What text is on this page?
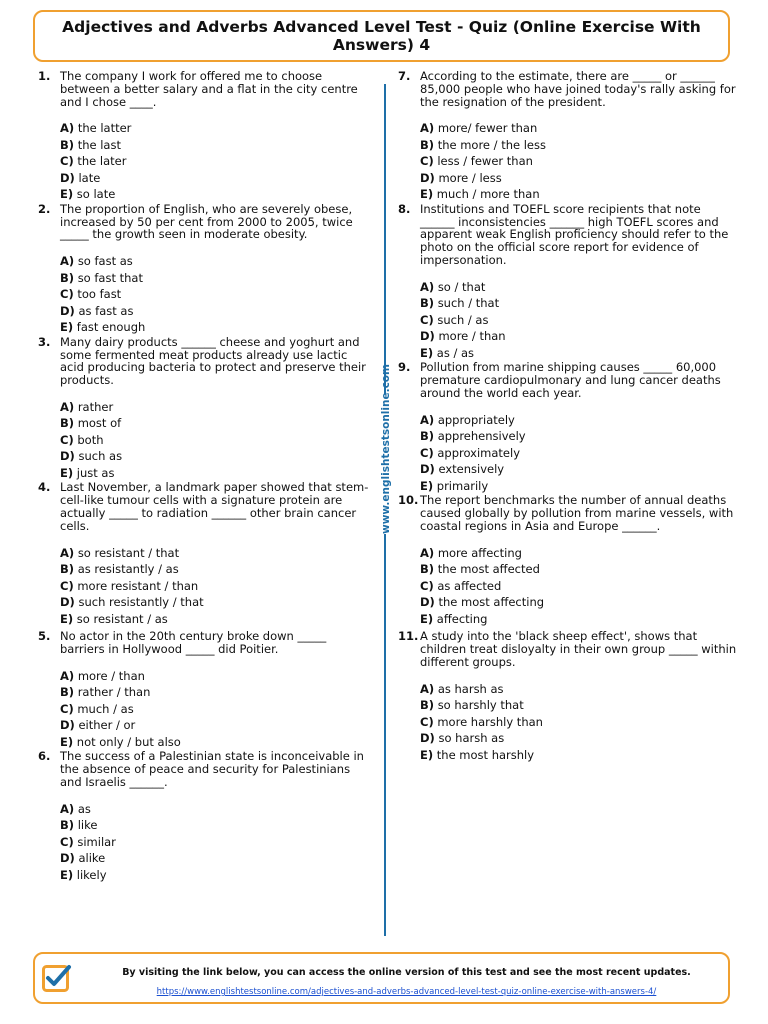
Adjectives and Adverbs Advanced Level Test - Quiz (Online Exercise With Answers) 4
1. The company I work for offered me to choose between a better salary and a flat in the city centre and I chose ____.
A) the latter
B) the last
C) the later
D) late
E) so late
2. The proportion of English, who are severely obese, increased by 50 per cent from 2000 to 2005, twice _____ the growth seen in moderate obesity.
A) so fast as
B) so fast that
C) too fast
D) as fast as
E) fast enough
3. Many dairy products ______ cheese and yoghurt and some fermented meat products already use lactic acid producing bacteria to protect and preserve their products.
A) rather
B) most of
C) both
D) such as
E) just as
4. Last November, a landmark paper showed that stem-cell-like tumour cells with a signature protein are actually _____ to radiation ______ other brain cancer cells.
A) so resistant / that
B) as resistantly / as
C) more resistant / than
D) such resistantly / that
E) so resistant / as
5. No actor in the 20th century broke down _____ barriers in Hollywood _____ did Poitier.
A) more / than
B) rather / than
C) much / as
D) either / or
E) not only / but also
6. The success of a Palestinian state is inconceivable in the absence of peace and security for Palestinians and Israelis ______.
A) as
B) like
C) similar
D) alike
E) likely
www.englishtestsonline.com
7. According to the estimate, there are _____ or ______ 85,000 people who have joined today's rally asking for the resignation of the president.
A) more/ fewer than
B) the more / the less
C) less / fewer than
D) more / less
E) much / more than
8. Institutions and TOEFL score recipients that note ______ inconsistencies ______ high TOEFL scores and apparent weak English proficiency should refer to the photo on the official score report for evidence of impersonation.
A) so / that
B) such / that
C) such / as
D) more / than
E) as / as
9. Pollution from marine shipping causes _____ 60,000 premature cardiopulmonary and lung cancer deaths around the world each year.
A) appropriately
B) apprehensively
C) approximately
D) extensively
E) primarily
10. The report benchmarks the number of annual deaths caused globally by pollution from marine vessels, with coastal regions in Asia and Europe ______.
A) more affecting
B) the most affected
C) as affected
D) the most affecting
E) affecting
11. A study into the 'black sheep effect', shows that children treat disloyalty in their own group _____ within different groups.
A) as harsh as
B) so harshly that
C) more harshly than
D) so harsh as
E) the most harshly
By visiting the link below, you can access the online version of this test and see the most recent updates.
https://www.englishtestsonline.com/adjectives-and-adverbs-advanced-level-test-quiz-online-exercise-with-answers-4/
